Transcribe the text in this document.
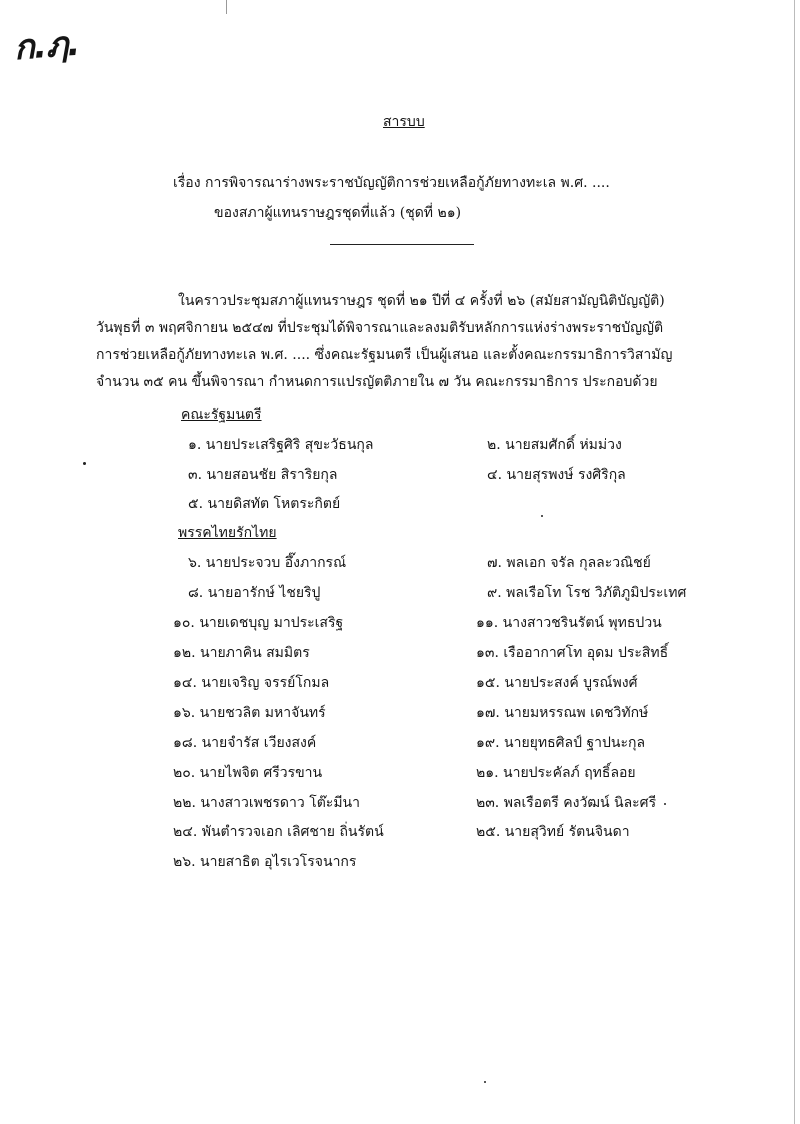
ก.ฦ.
สารบบ
เรื่อง การพิจารณาร่างพระราชบัญญัติการช่วยเหลือกู้ภัยทางทะเล พ.ศ. ....
ของสภาผู้แทนราษฎรชุดที่แล้ว (ชุดที่ ๒๑)
ในคราวประชุมสภาผู้แทนราษฎร ชุดที่ ๒๑ ปีที่ ๔ ครั้งที่ ๒๖ (สมัยสามัญนิติบัญญัติ)
วันพุธที่ ๓ พฤศจิกายน ๒๕๔๗ ที่ประชุมได้พิจารณาและลงมติรับหลักการแห่งร่างพระราชบัญญัติ
การช่วยเหลือกู้ภัยทางทะเล พ.ศ. .... ซึ่งคณะรัฐมนตรี เป็นผู้เสนอ และตั้งคณะกรรมาธิการวิสามัญ
จำนวน ๓๕ คน ขึ้นพิจารณา กำหนดการแปรญัตติภายใน ๗ วัน คณะกรรมาธิการ ประกอบด้วย
คณะรัฐมนตรี
๑. นายประเสริฐศิริ สุขะวัธนกุล	๒. นายสมศักดิ์ ห่มม่วง
๓. นายสอนชัย สิราริยกุล	๔. นายสุรพงษ์ รงศิริกุล
๕. นายดิสทัต โหตระกิตย์
พรรคไทยรักไทย
๖. นายประจวบ อึ๊งภากรณ์	๗. พลเอก จรัล กุลละวณิชย์
๘. นายอารักษ์ ไชยริปู	๙. พลเรือโท โรช วิภัติภูมิประเทศ
๑๐. นายเดชบุญ มาประเสริฐ	๑๑. นางสาวชรินรัตน์ พุทธปวน
๑๒. นายภาคิน สมมิตร	๑๓. เรืออากาศโท อุดม ประสิทธิ์
๑๔. นายเจริญ จรรย์โกมล	๑๕. นายประสงค์ บูรณ์พงศ์
๑๖. นายชวลิต มหาจันทร์	๑๗. นายมหรรณพ เดชวิทักษ์
๑๘. นายจำรัส เวียงสงค์	๑๙. นายยุทธศิลป์ ฐาปนะกุล
๒๐. นายไพจิต ศรีวรขาน	๒๑. นายประคัลภ์ ฤทธิ์ลอย
๒๒. นางสาวเพชรดาว โต๊ะมีนา	๒๓. พลเรือตรี คงวัฒน์ นิละศรี
๒๔. พันตำรวจเอก เลิศชาย ถิ่นรัตน์	๒๕. นายสุวิทย์ รัตนจินดา
๒๖. นายสาธิต อุไรเวโรจนากร
